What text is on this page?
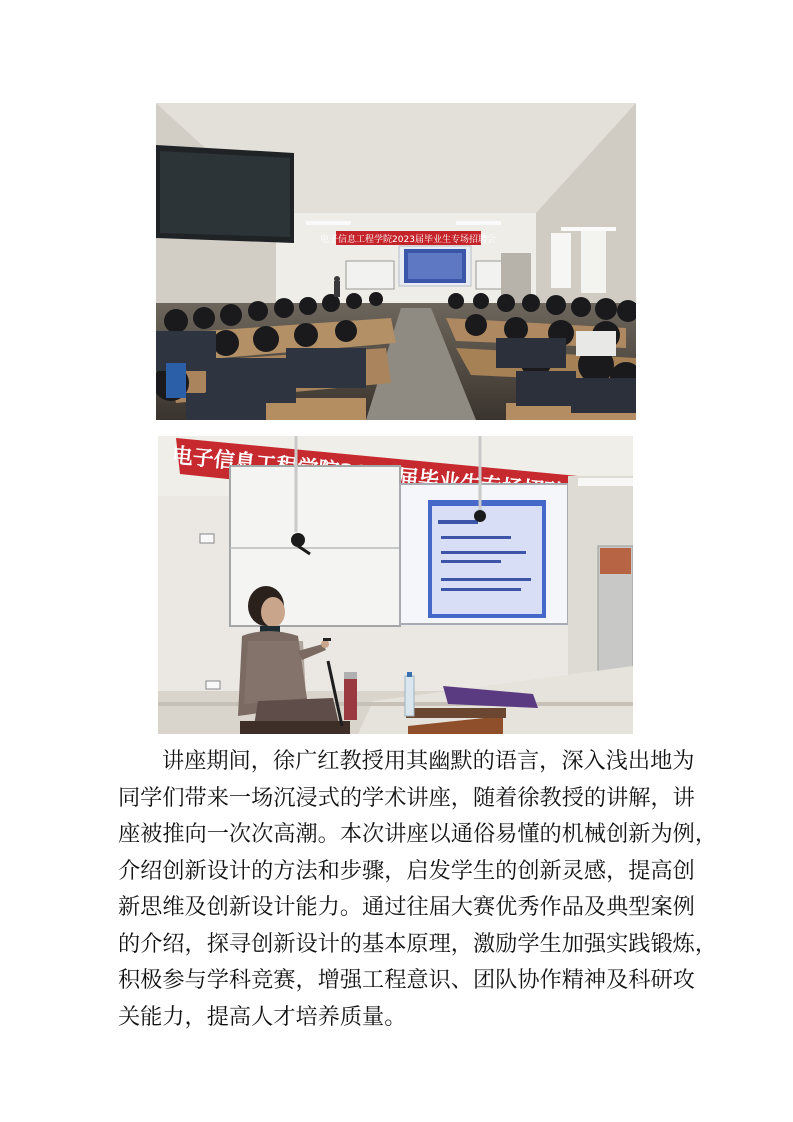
电子信息工程学院2023届毕业生专场招聘会

讲座期间，徐广红教授用其幽默的语言，深入浅出地为
同学们带来一场沉浸式的学术讲座，随着徐教授的讲解，讲
座被推向一次次高潮。本次讲座以通俗易懂的机械创新为例，
介绍创新设计的方法和步骤，启发学生的创新灵感，提高创
新思维及创新设计能力。通过往届大赛优秀作品及典型案例
的介绍，探寻创新设计的基本原理，激励学生加强实践锻炼，
积极参与学科竞赛，增强工程意识、团队协作精神及科研攻
关能力，提高人才培养质量。
